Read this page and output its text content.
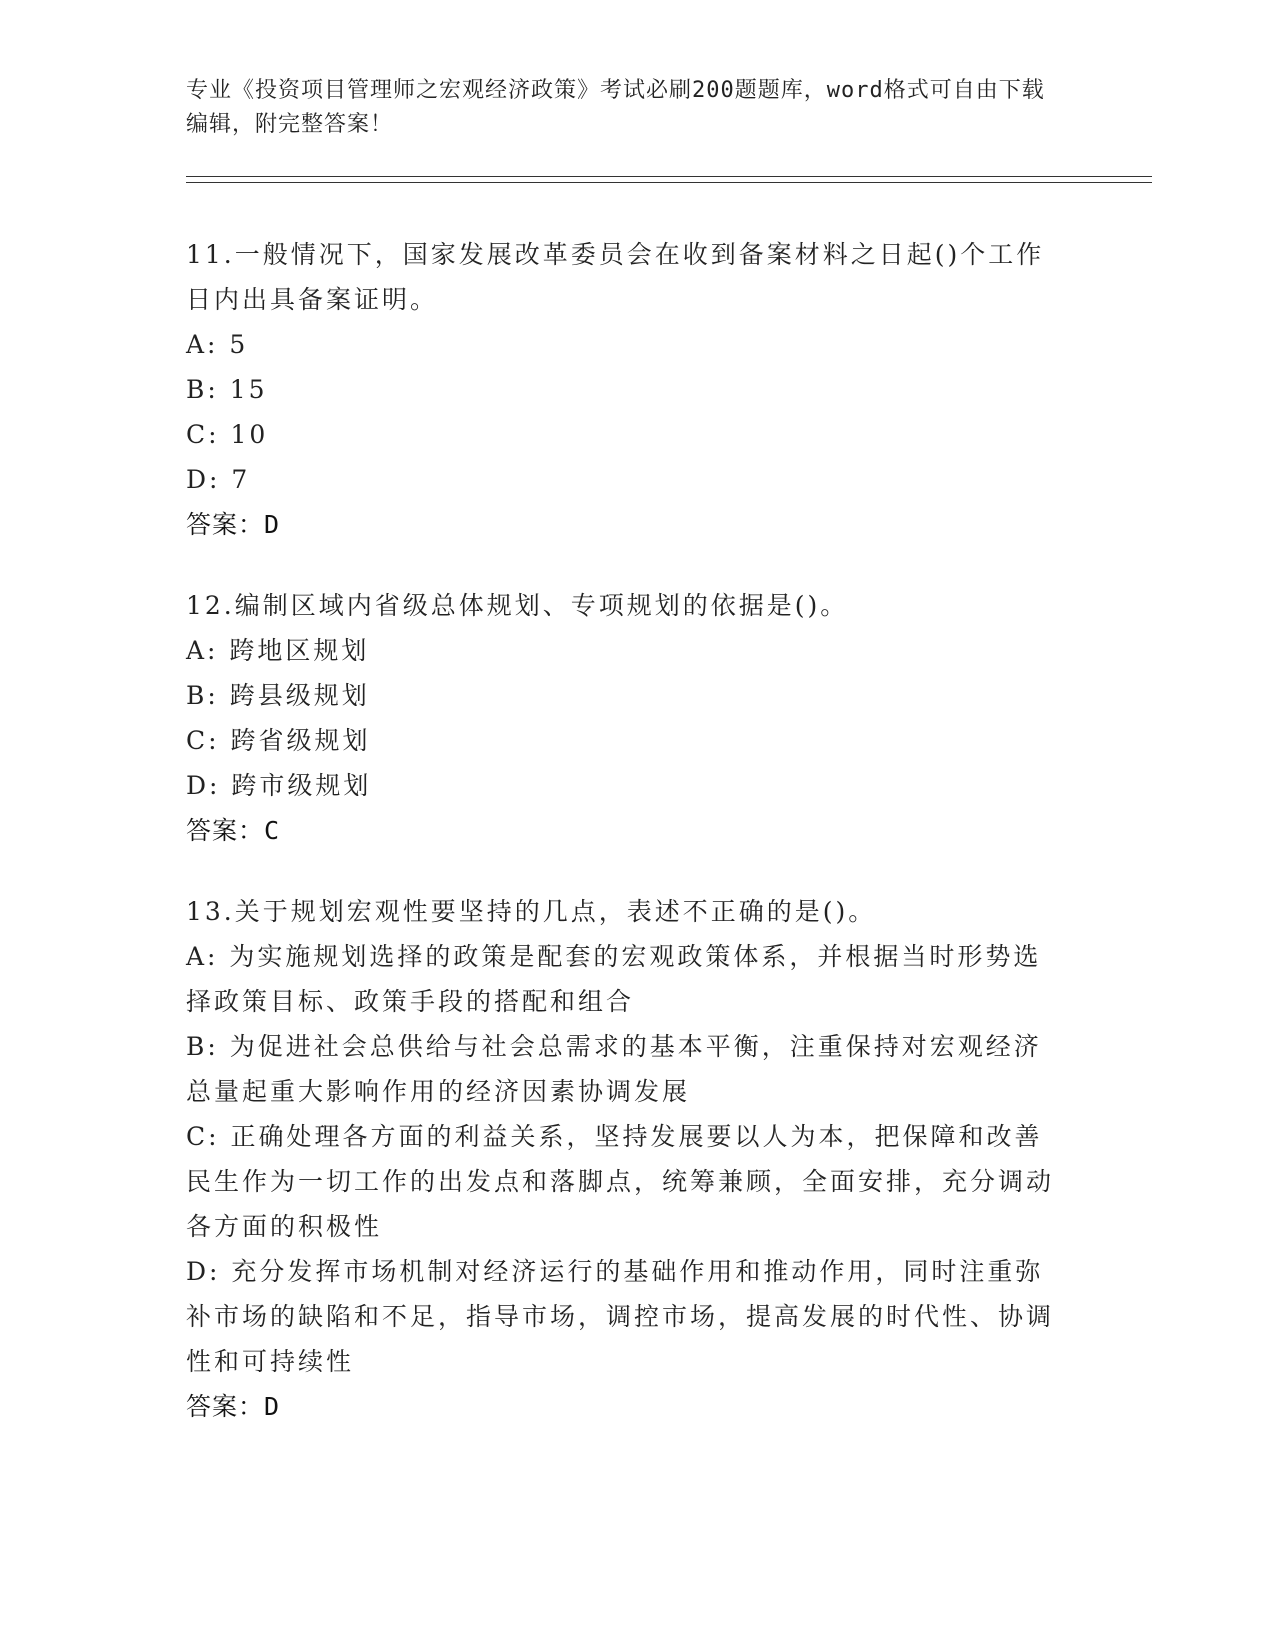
专业《投资项目管理师之宏观经济政策》考试必刷200题题库，word格式可自由下载编辑，附完整答案！

11.一般情况下，国家发展改革委员会在收到备案材料之日起()个工作日内出具备案证明。

A: 5

B: 15

C: 10

D: 7

答案：D

12.编制区域内省级总体规划、专项规划的依据是()。

A: 跨地区规划

B: 跨县级规划

C: 跨省级规划

D: 跨市级规划

答案：C

13.关于规划宏观性要坚持的几点，表述不正确的是()。

A: 为实施规划选择的政策是配套的宏观政策体系，并根据当时形势选择政策目标、政策手段的搭配和组合

B: 为促进社会总供给与社会总需求的基本平衡，注重保持对宏观经济总量起重大影响作用的经济因素协调发展

C: 正确处理各方面的利益关系，坚持发展要以人为本，把保障和改善民生作为一切工作的出发点和落脚点，统筹兼顾，全面安排，充分调动各方面的积极性

D: 充分发挥市场机制对经济运行的基础作用和推动作用，同时注重弥补市场的缺陷和不足，指导市场，调控市场，提高发展的时代性、协调性和可持续性

答案：D
